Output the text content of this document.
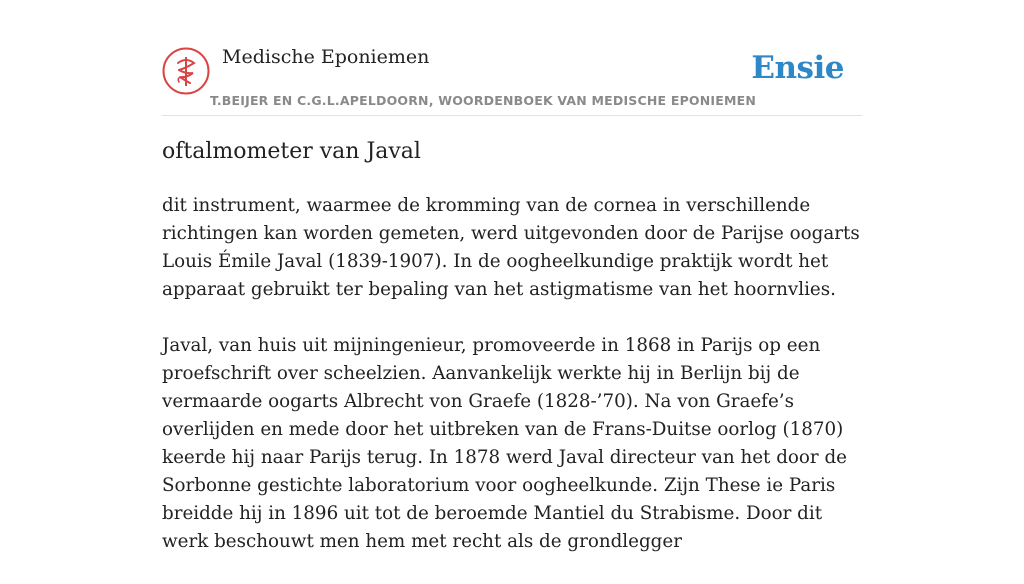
Medische Eponiemen
T.BEIJER EN C.G.L.APELDOORN, WOORDENBOEK VAN MEDISCHE EPONIEMEN
Ensie
oftalmometer van Javal

dit instrument, waarmee de kromming van de cornea in verschillende richtingen kan worden gemeten, werd uitgevonden door de Parijse oogarts Louis Émile Javal (1839-1907). In de oogheelkundige praktijk wordt het apparaat gebruikt ter bepaling van het astigmatisme van het hoornvlies.

Javal, van huis uit mijningenieur, promoveerde in 1868 in Parijs op een proefschrift over scheelzien. Aanvankelijk werkte hij in Berlijn bij de vermaarde oogarts Albrecht von Graefe (1828-’70). Na von Graefe’s overlijden en mede door het uitbreken van de Frans-Duitse oorlog (1870) keerde hij naar Parijs terug. In 1878 werd Javal directeur van het door de Sorbonne gestichte laboratorium voor oogheelkunde. Zijn These ie Paris breidde hij in 1896 uit tot de beroemde Mantiel du Strabisme. Door dit werk beschouwt men hem met recht als de grondlegger
